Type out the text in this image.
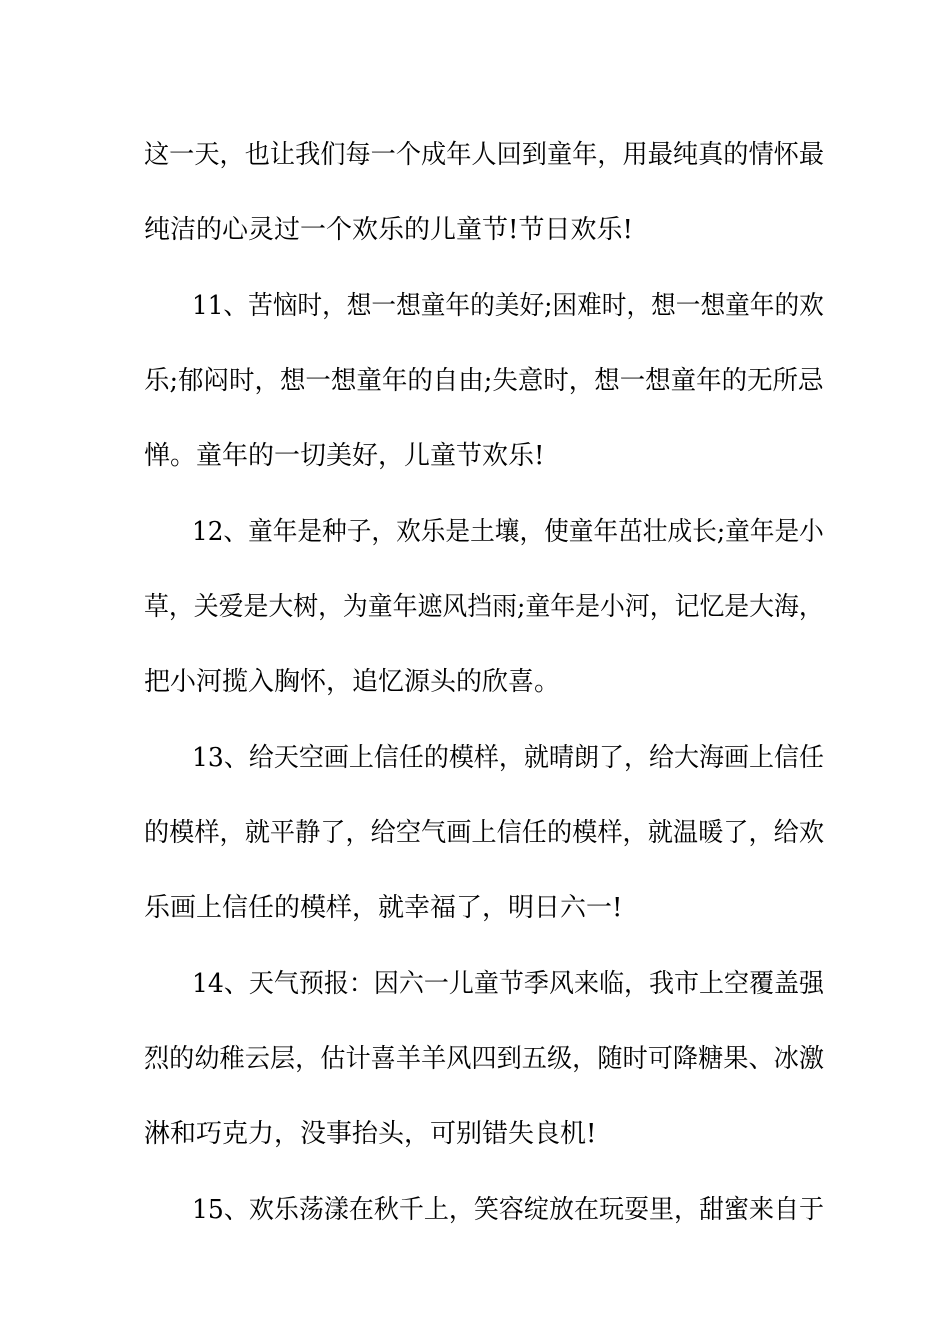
这一天，也让我们每一个成年人回到童年，用最纯真的情怀最
纯洁的心灵过一个欢乐的儿童节!节日欢乐!
11、苦恼时，想一想童年的美好;困难时，想一想童年的欢
乐;郁闷时，想一想童年的自由;失意时，想一想童年的无所忌
惮。童年的一切美好，儿童节欢乐!
12、童年是种子，欢乐是土壤，使童年茁壮成长;童年是小
草，关爱是大树，为童年遮风挡雨;童年是小河，记忆是大海，
把小河揽入胸怀，追忆源头的欣喜。
13、给天空画上信任的模样，就晴朗了，给大海画上信任
的模样，就平静了，给空气画上信任的模样，就温暖了，给欢
乐画上信任的模样，就幸福了，明日六一!
14、天气预报：因六一儿童节季风来临，我市上空覆盖强
烈的幼稚云层，估计喜羊羊风四到五级，随时可降糖果、冰激
淋和巧克力，没事抬头，可别错失良机!
15、欢乐荡漾在秋千上，笑容绽放在玩耍里，甜蜜来自于
